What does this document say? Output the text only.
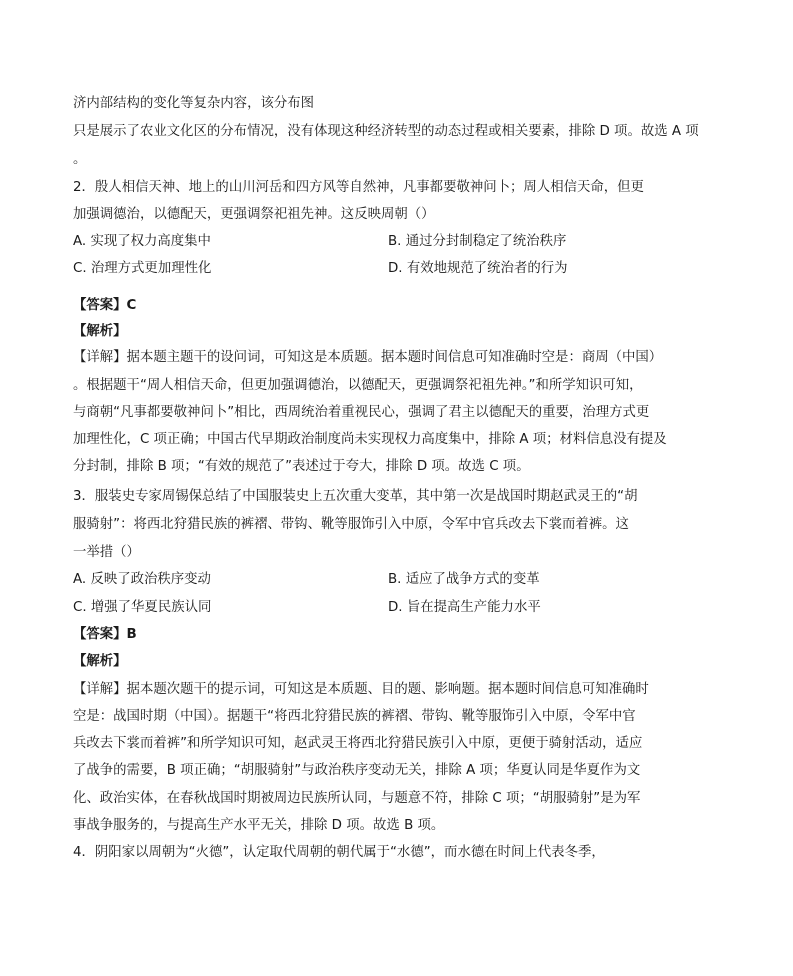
济内部结构的变化等复杂内容，该分布图
只是展示了农业文化区的分布情况，没有体现这种经济转型的动态过程或相关要素，排除 D 项。故选 A 项
。
2．殷人相信天神、地上的山川河岳和四方风等自然神，凡事都要敬神问卜；周人相信天命，但更
加强调德治，以德配天，更强调祭祀祖先神。这反映周朝（）
A. 实现了权力高度集中	B. 通过分封制稳定了统治秩序
C. 治理方式更加理性化	D. 有效地规范了统治者的行为
【答案】C
【解析】
【详解】据本题主题干的设问词，可知这是本质题。据本题时间信息可知准确时空是：商周（中国）
。根据题干“周人相信天命，但更加强调德治，以德配天，更强调祭祀祖先神。”和所学知识可知，
与商朝“凡事都要敬神问卜”相比，西周统治着重视民心，强调了君主以德配天的重要，治理方式更
加理性化，C 项正确；中国古代早期政治制度尚未实现权力高度集中，排除 A 项；材料信息没有提及
分封制，排除 B 项；“有效的规范了”表述过于夸大，排除 D 项。故选 C 项。
3．服装史专家周锡保总结了中国服装史上五次重大变革，其中第一次是战国时期赵武灵王的“胡
服骑射”：将西北狩猎民族的裤褶、带钩、靴等服饰引入中原，令军中官兵改去下裳而着裤。这
一举措（）
A. 反映了政治秩序变动	B. 适应了战争方式的变革
C. 增强了华夏民族认同	D. 旨在提高生产能力水平
【答案】B
【解析】
【详解】据本题次题干的提示词，可知这是本质题、目的题、影响题。据本题时间信息可知准确时
空是：战国时期（中国）。据题干“将西北狩猎民族的裤褶、带钩、靴等服饰引入中原，令军中官
兵改去下裳而着裤”和所学知识可知，赵武灵王将西北狩猎民族引入中原，更便于骑射活动，适应
了战争的需要，B 项正确；“胡服骑射”与政治秩序变动无关，排除 A 项；华夏认同是华夏作为文
化、政治实体，在春秋战国时期被周边民族所认同，与题意不符，排除 C 项；“胡服骑射”是为军
事战争服务的，与提高生产水平无关，排除 D 项。故选 B 项。
4．阴阳家以周朝为“火德”，认定取代周朝的朝代属于“水德”，而水德在时间上代表冬季，
